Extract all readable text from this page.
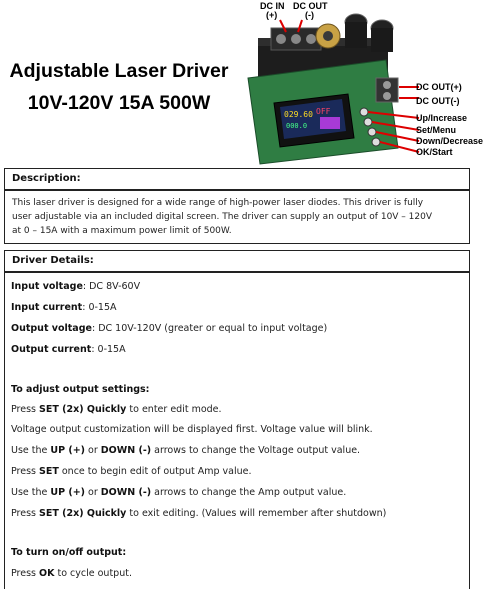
Adjustable Laser Driver
10V-120V 15A 500W
029.60 OFF
000.0
DC IN
(+)
DC OUT
(-)
DC OUT(+)
DC OUT(-)
Up/Increase
Set/Menu
Down/Decrease
OK/Start
Description:
This laser driver is designed for a wide range of high-power laser diodes. This driver is fully
user adjustable via an included digital screen. The driver can supply an output of 10V – 120V
at 0 – 15A with a maximum power limit of 500W.
Driver Details:
Input voltage: DC 8V-60V
Input current: 0-15A
Output voltage: DC 10V-120V (greater or equal to input voltage)
Output current: 0-15A
To adjust output settings:
Press SET (2x) Quickly to enter edit mode.
Voltage output customization will be displayed first. Voltage value will blink.
Use the UP (+) or DOWN (-) arrows to change the Voltage output value.
Press SET once to begin edit of output Amp value.
Use the UP (+) or DOWN (-) arrows to change the Amp output value.
Press SET (2x) Quickly to exit editing. (Values will remember after shutdown)
To turn on/off output:
Press OK to cycle output.
